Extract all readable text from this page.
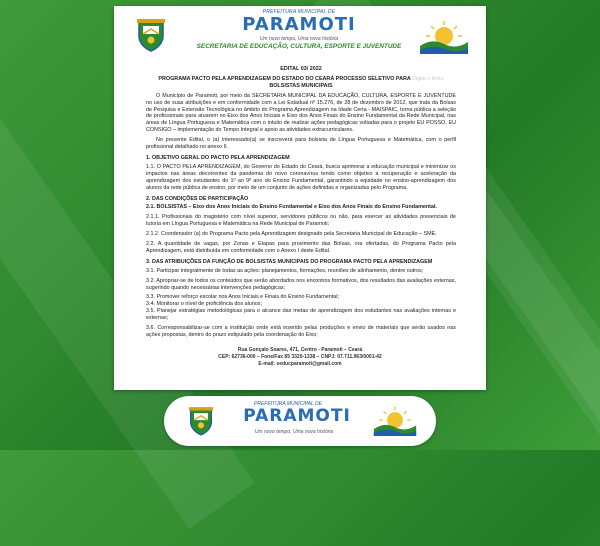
PREFEITURA MUNICIPAL DE
PARAMOTI
Um novo tempo, Uma nova história
SECRETARIA DE EDUCAÇÃO, CULTURA, ESPORTE E JUVENTUDE

EDITAL 03/ 2022

PROGRAMA PACTO PELA APRENDIZAGEM DO ESTADO DO CEARÁ PROCESSO SELETIVO PARA Digite o texto
BOLSISTAS MUNICIPAIS

O Município de Paramoti, por meio da SECRETARIA MUNICIPAL DA EDUCAÇÃO, CULTURA, ESPORTE E JUVENTUDE no uso de suas atribuições e em conformidade com a Lei Estadual nº 15.276, de 28 de dezembro de 2012, que trata da Bolsas de Pesquisa e Extensão Tecnológica no âmbito do Programa Aprendizagem na Idade Certa - MAISPAIC, torna pública a seleção de profissionais para atuarem no Eixo dos Anos Iniciais e Eixo dos Anos Finais do Ensino Fundamental da Rede Municipal, nas áreas de Língua Portuguesa e Matemática com o intuito de realizar ações pedagógicas voltadas para o projeto EU POSSO, EU CONSIGO – implementação do Tempo Integral e apoio as atividades extracurriculares.

No presente Edital, o (a) interessado(a) se inscreverá para bolsista de Língua Portuguesa e Matemática, com o perfil profissional detalhado no anexo II.

1. OBJETIVO GERAL DO PACTO PELA APRENDIZAGEM

1.1. O PACTO PELA APRENDIZAGEM, do Governo do Estado do Ceará, busca aprimorar a educação municipal e minimizar os impactos nas áreas decorrentes da pandemia do novo coronavírus tendo como objetivo a recuperação e aceleração da aprendizagem dos estudantes do 1º ao 9º ano do Ensino Fundamental, garantindo a equidade no ensino-aprendizagem dos alunos da rede pública de ensino, por meio de um conjunto de ações definidas e organizadas pelo Programa.

2. DAS CONDIÇÕES DE PARTICIPAÇÃO

2.1. BOLSISTAS – Eixo dos Anos Iniciais do Ensino Fundamental e Eixo dos Anos Finais do Ensino Fundamental.

2.1.1. Profissionais do magistério com nível superior, servidores públicos ou não, para exercer as atividades presenciais de tutoria em Língua Portuguesa e Matemática na Rede Municipal de Paramoti;

2.1.2. Coordenador (a) do Programa Pacto pela Aprendizagem designado pela Secretaria Municipal de Educação – SME.

2.2. A quantidade de vagas, por Zonas e Etapas para provimento das Bolsas, ora ofertadas, do Programa Pacto pela Aprendizagem, está distribuída em conformidade com o Anexo I deste Edital.

3. DAS ATRIBUIÇÕES DA FUNÇÃO DE BOLSISTAS MUNICIPAIS DO PROGRAMA PACTO PELA APRENDIZAGEM

3.1. Participar integralmente de todas as ações: planejamentos, formações, reuniões de alinhamento, dentre outros;

3.2. Apropriar-se de todos os conteúdos que serão abordados nos encontros formativos, dos resultados das avaliações externas, sugerindo quando necessárias intervenções pedagógicas;

3.3. Promover reforço escolar nos Anos Iniciais e Finais do Ensino Fundamental;

3.4. Monitorar o nível de proficiência dos alunos;

3.5. Planejar estratégias metodológicas para o alcance das metas de aprendizagem dos estudantes nas avaliações internas e externas;

3.6. Corresponsabilizar-se com a instituição onde está inserido pelas produções e envio de materiais que serão usados nas ações propostas, dentro do prazo estipulado pela coordenação do Eixo;

Rua Gonçalo Soares, 471, Centro - Paramoti – Ceará
CEP: 62736-000 – Fone/Fax 85 3320-1338 – CNPJ: 07.711.963/0001-42
E-mail: seducparamoti@gmail.com
PREFEITURA MUNICIPAL DE
PARAMOTI
Um novo tempo, Uma nova história
